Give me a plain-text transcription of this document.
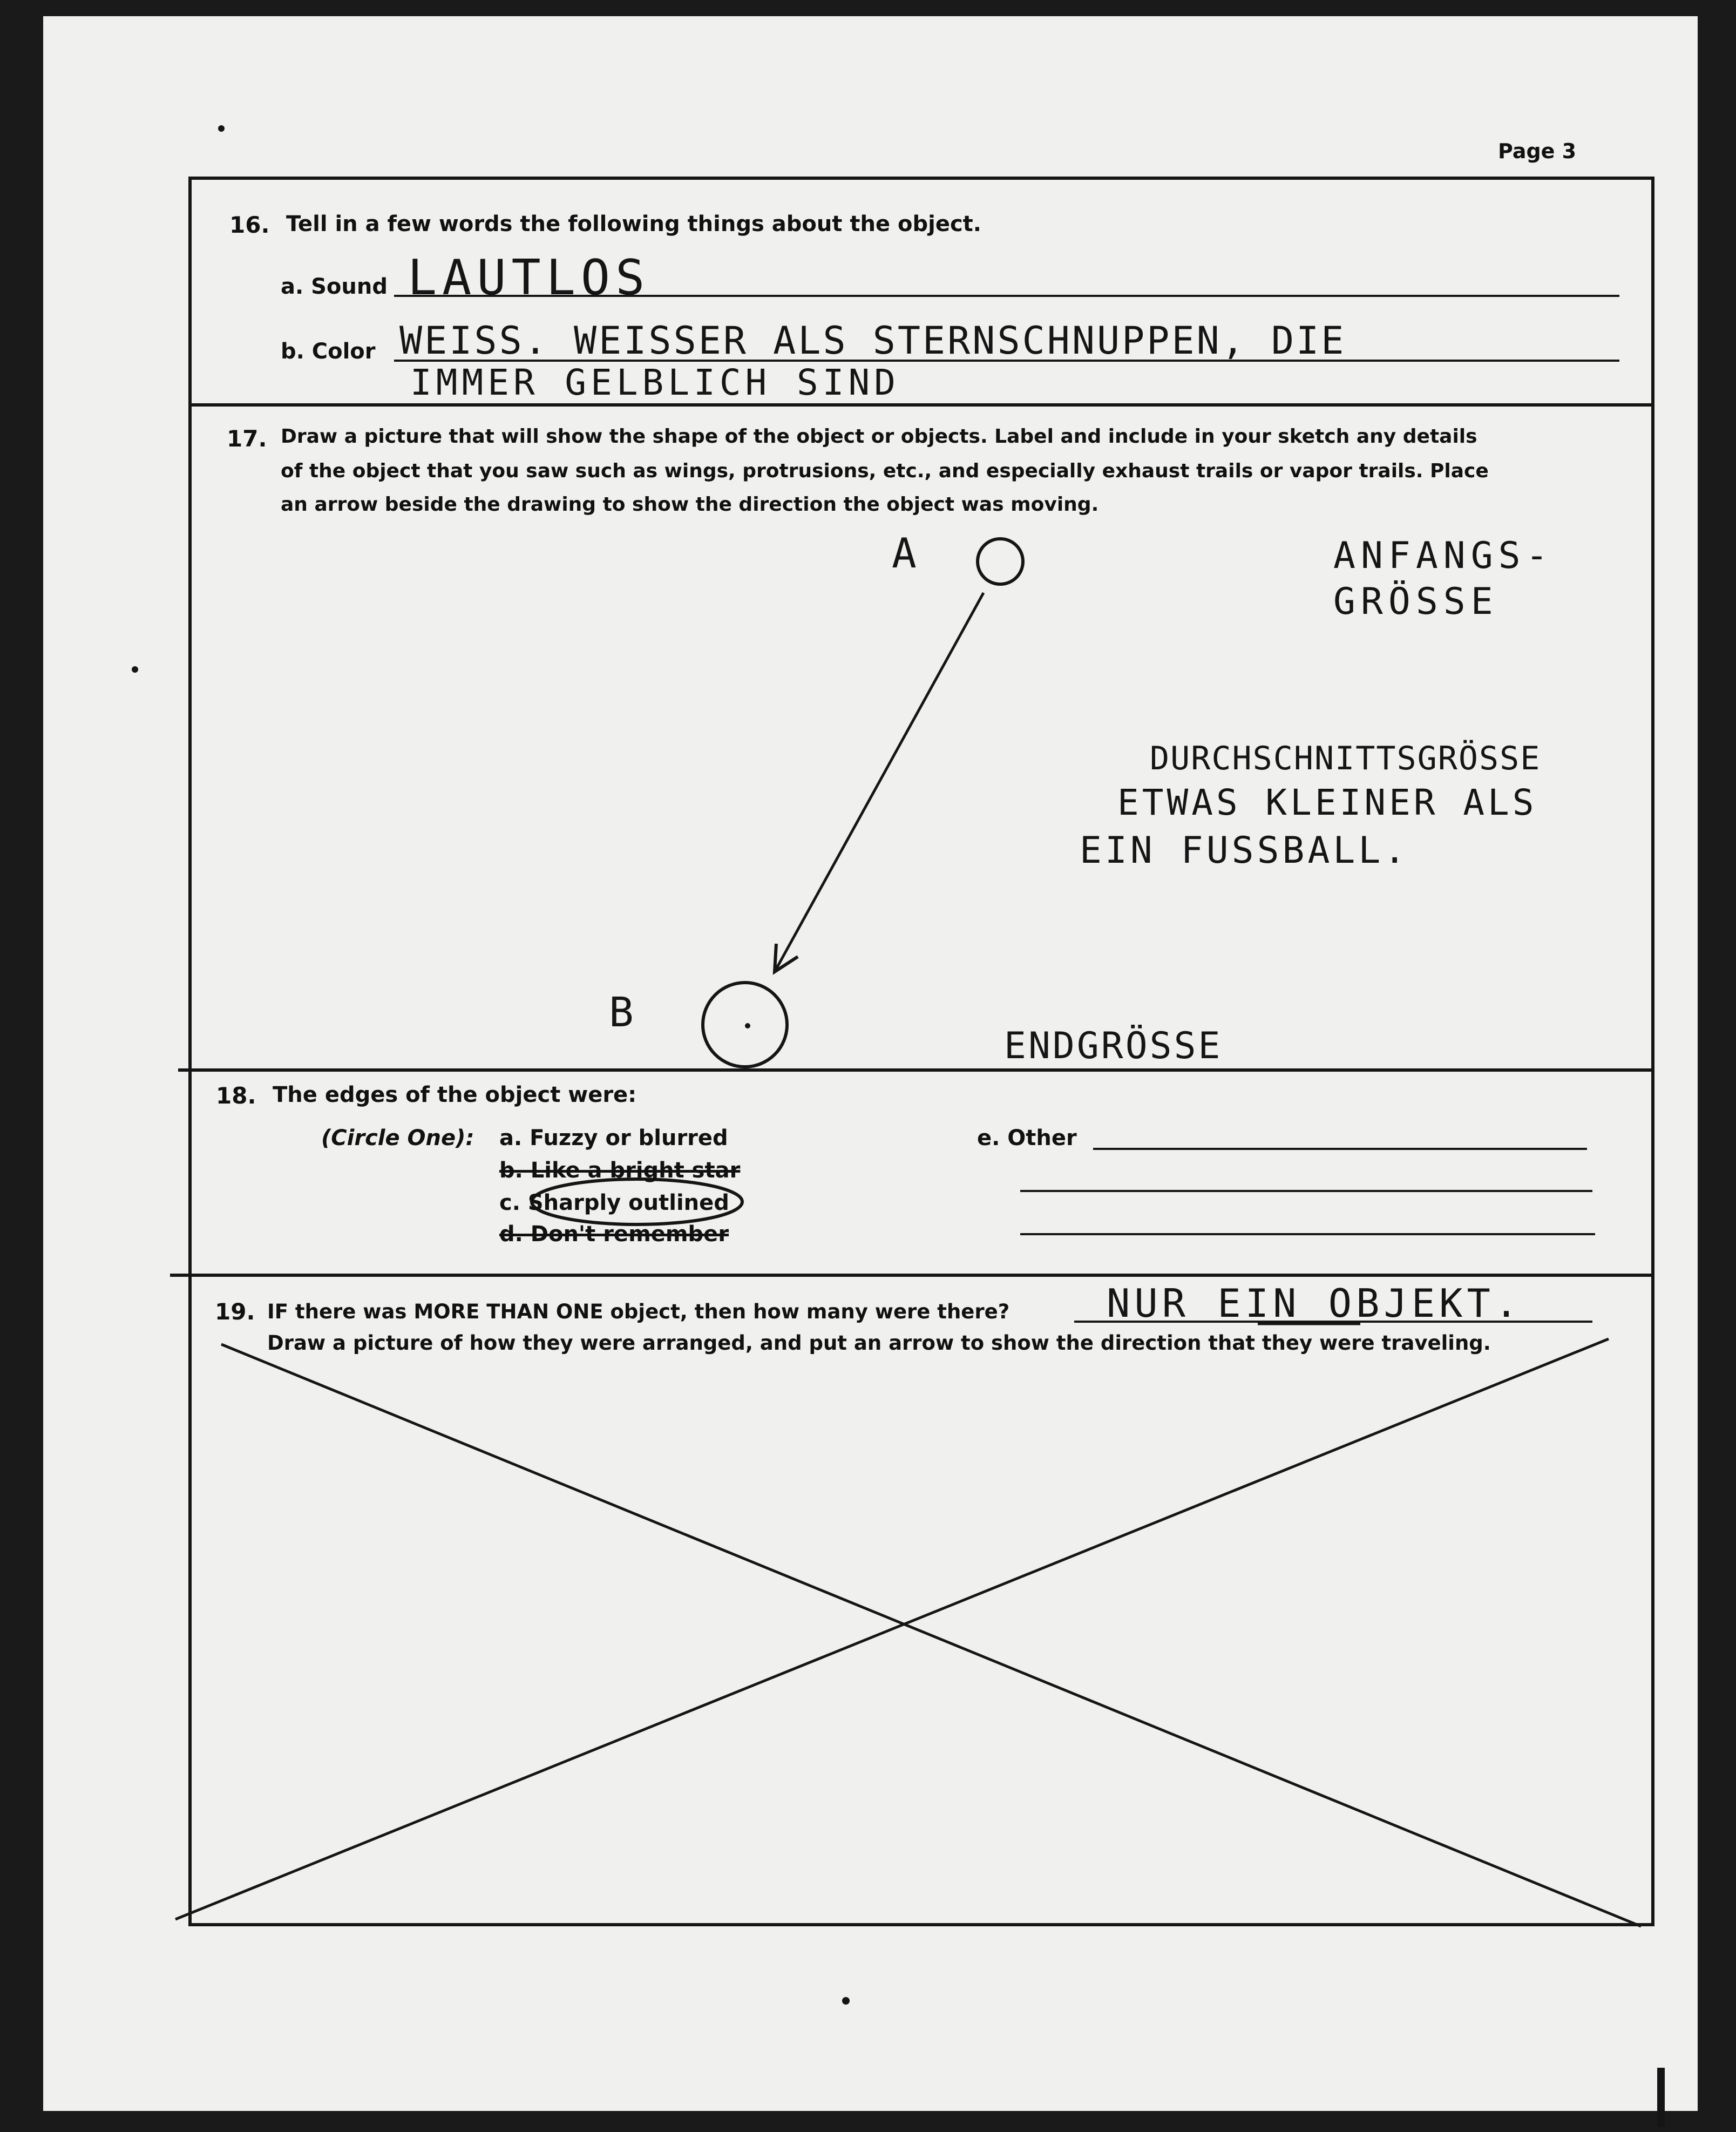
Page 3
16. Tell in a few words the following things about the object.
a. Sound LAUTLOS
b. Color WEISS. WEISSER ALS STERNSCHNUPPEN, DIE
IMMER GELBLICH SIND
17. Draw a picture that will show the shape of the object or objects. Label and include in your sketch any details
of the object that you saw such as wings, protrusions, etc., and especially exhaust trails or vapor trails. Place
an arrow beside the drawing to show the direction the object was moving.
A
B
ANFANGS-
GRÖSSE
DURCHSCHNITTSGRÖSSE
ETWAS KLEINER ALS
EIN FUSSBALL.
ENDGRÖSSE
18. The edges of the object were:
(Circle One): a. Fuzzy or blurred
b. Like a bright star
c. Sharply outlined
d. Don't remember
e. Other
19. IF there was MORE THAN ONE object, then how many were there? NUR EIN OBJEKT.
Draw a picture of how they were arranged, and put an arrow to show the direction that they were traveling.
